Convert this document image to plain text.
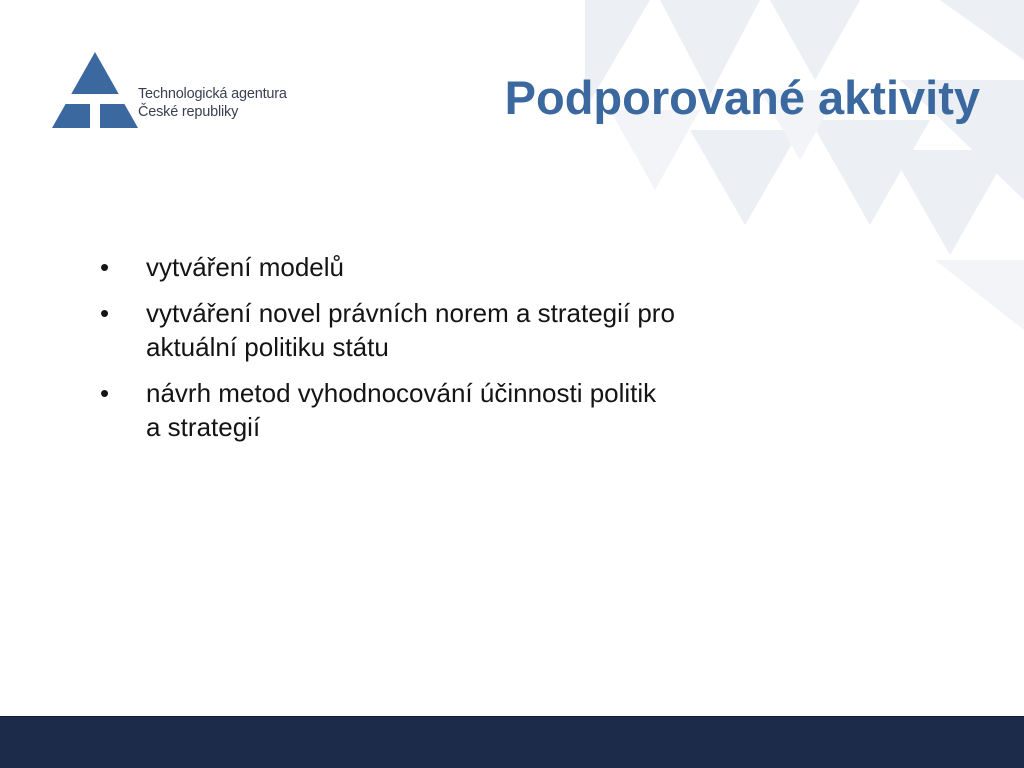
Technologická agentura
České republiky	Podporované aktivity
•	vytváření modelů
•	vytváření novel právních norem a strategií pro
aktuální politiku státu
•	návrh metod vyhodnocování účinnosti politik
a strategií
